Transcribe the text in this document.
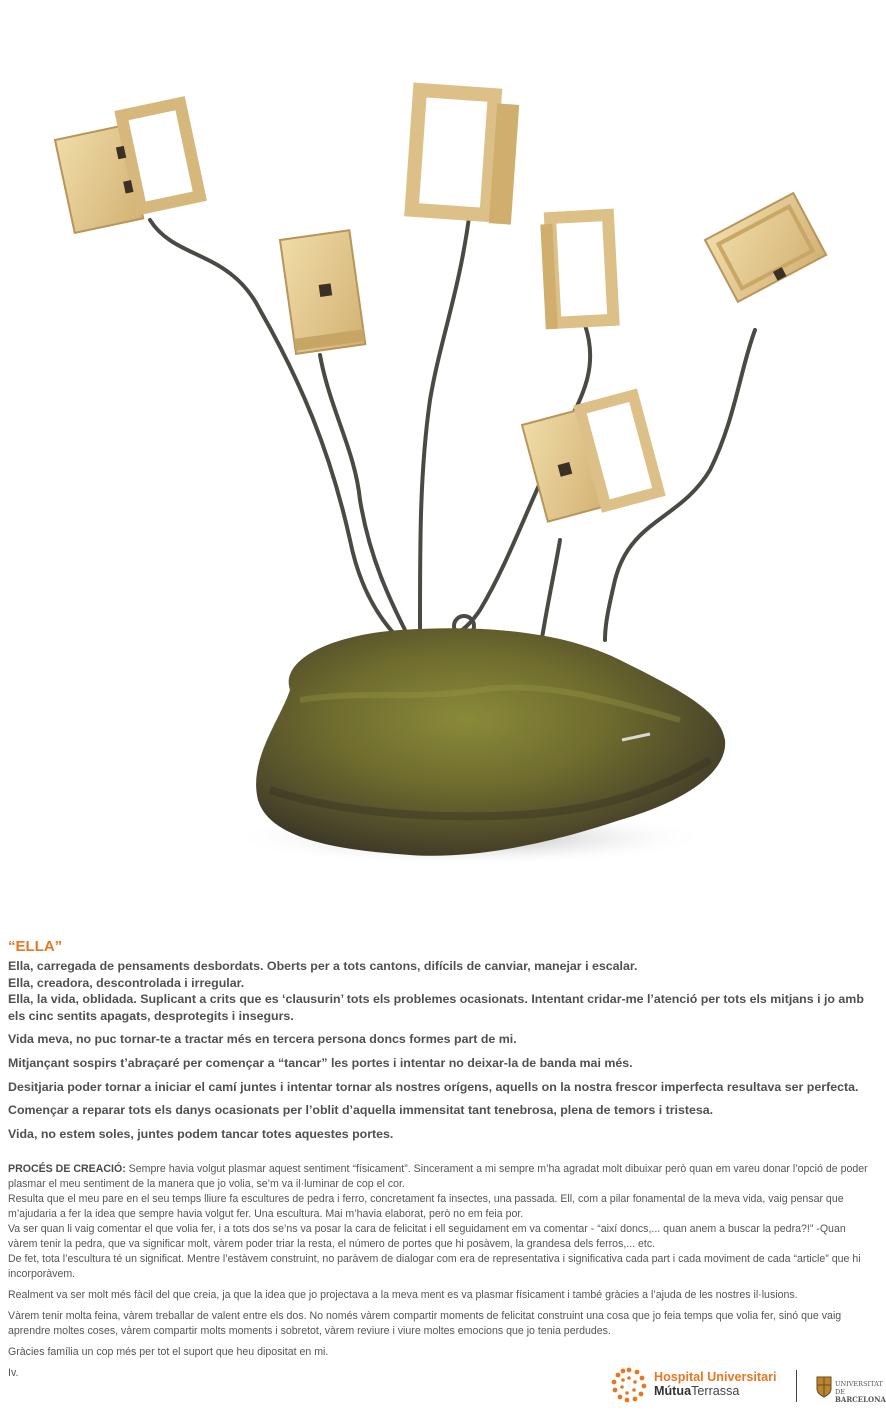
“ELLA”

Ella, carregada de pensaments desbordats. Oberts per a tots cantons, difícils de canviar, manejar i escalar.

Ella, creadora, descontrolada i irregular.

Ella, la vida, oblidada. Suplicant a crits que es ‘clausurin’ tots els problemes ocasionats. Intentant cridar-me l’atenció per tots els mitjans i jo amb els cinc sentits apagats, desprotegits i insegurs.

Vida meva, no puc tornar-te a tractar més en tercera persona doncs formes part de mi.

Mitjançant sospirs t’abraçaré per començar a “tancar” les portes i intentar no deixar-la de banda mai més.

Desitjaria poder tornar a iniciar el camí juntes i intentar tornar als nostres orígens, aquells on la nostra frescor imperfecta resultava ser perfecta.

Començar a reparar tots els danys ocasionats per l’oblit d’aquella immensitat tant tenebrosa, plena de temors i tristesa.

Vida, no estem soles, juntes podem tancar totes aquestes portes.

PROCÉS DE CREACIÓ: Sempre havia volgut plasmar aquest sentiment “físicament”. Sincerament a mi sempre m’ha agradat molt dibuixar però quan em vareu donar l’opció de poder plasmar el meu sentiment de la manera que jo volia, se’m va il·luminar de cop el cor.

Resulta que el meu pare en el seu temps lliure fa escultures de pedra i ferro, concretament fa insectes, una passada. Ell, com a pilar fonamental de la meva vida, vaig pensar que m’ajudaria a fer la idea que sempre havia volgut fer. Una escultura. Mai m’havia elaborat, però no em feia por.

Va ser quan li vaig comentar el que volia fer, i a tots dos se’ns va posar la cara de felicitat i ell seguidament em va comentar - “així doncs,... quan anem a buscar la pedra?!” -Quan vàrem tenir la pedra, que va significar molt, vàrem poder triar la resta, el número de portes que hi posàvem, la grandesa dels ferros,... etc.

De fet, tota l’escultura té un significat. Mentre l’estàvem construint, no paràvem de dialogar com era de representativa i significativa cada part i cada moviment de cada “article” que hi incorporàvem.

Realment va ser molt més fàcil del que creia, ja que la idea que jo projectava a la meva ment es va plasmar físicament i també gràcies a l’ajuda de les nostres il·lusions.

Vàrem tenir molta feina, vàrem treballar de valent entre els dos. No només vàrem compartir moments de felicitat construint una cosa que jo feia temps que volia fer, sinó que vaig aprendre moltes coses, vàrem compartir molts moments i sobretot, vàrem reviure i viure moltes emocions que jo tenia perdudes.

Gràcies família un cop més per tot el suport que heu dipositat en mi.

Iv.	Hospital Universitari
MútuaTerrassa	UNIVERSITAT DE
BARCELONA
